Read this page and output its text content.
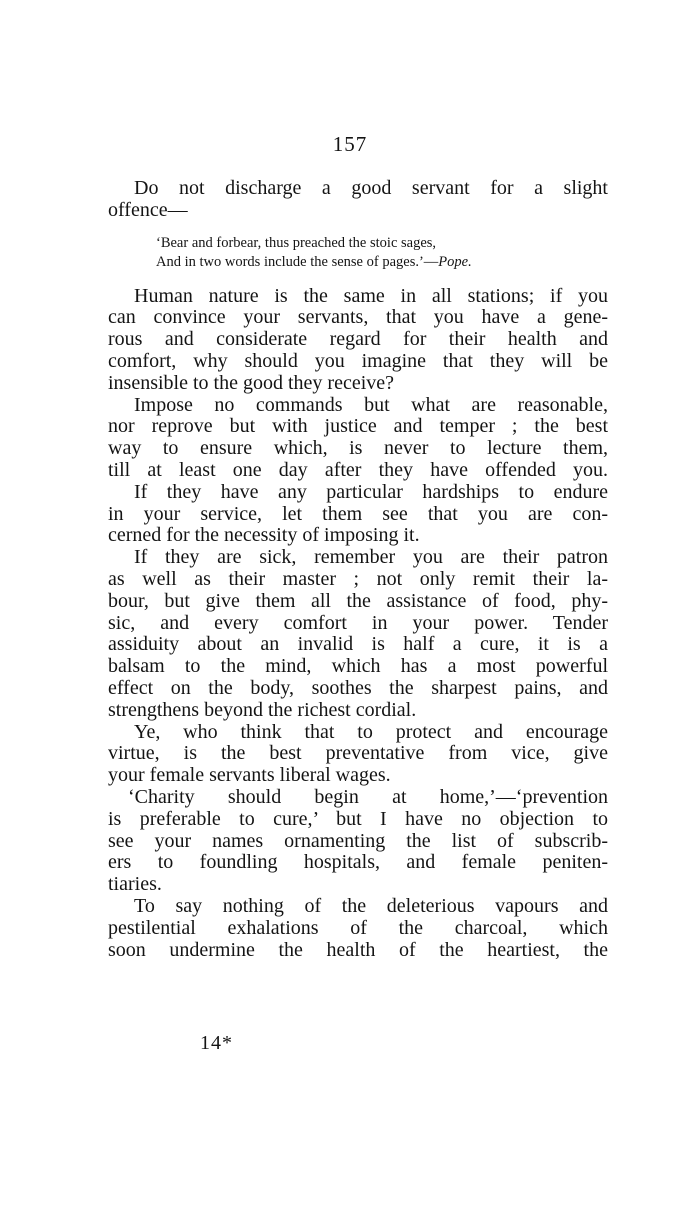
157

Do not discharge a good servant for a slight
offence—

‘Bear and forbear, thus preached the stoic sages,
And in two words include the sense of pages.’—Pope.

Human nature is the same in all stations; if you
can convince your servants, that you have a gene-
rous and considerate regard for their health and
comfort, why should you imagine that they will be
insensible to the good they receive?

Impose no commands but what are reasonable,
nor reprove but with justice and temper ; the best
way to ensure which, is never to lecture them,
till at least one day after they have offended you.

If they have any particular hardships to endure
in your service, let them see that you are con-
cerned for the necessity of imposing it.

If they are sick, remember you are their patron
as well as their master ; not only remit their la-
bour, but give them all the assistance of food, phy-
sic, and every comfort in your power. Tender
assiduity about an invalid is half a cure, it is a
balsam to the mind, which has a most powerful
effect on the body, soothes the sharpest pains, and
strengthens beyond the richest cordial.

Ye, who think that to protect and encourage
virtue, is the best preventative from vice, give
your female servants liberal wages.

‘Charity should begin at home,’—‘prevention
is preferable to cure,’ but I have no objection to
see your names ornamenting the list of subscrib-
ers to foundling hospitals, and female peniten-
tiaries.

To say nothing of the deleterious vapours and
pestilential exhalations of the charcoal, which
soon undermine the health of the heartiest, the

14*
